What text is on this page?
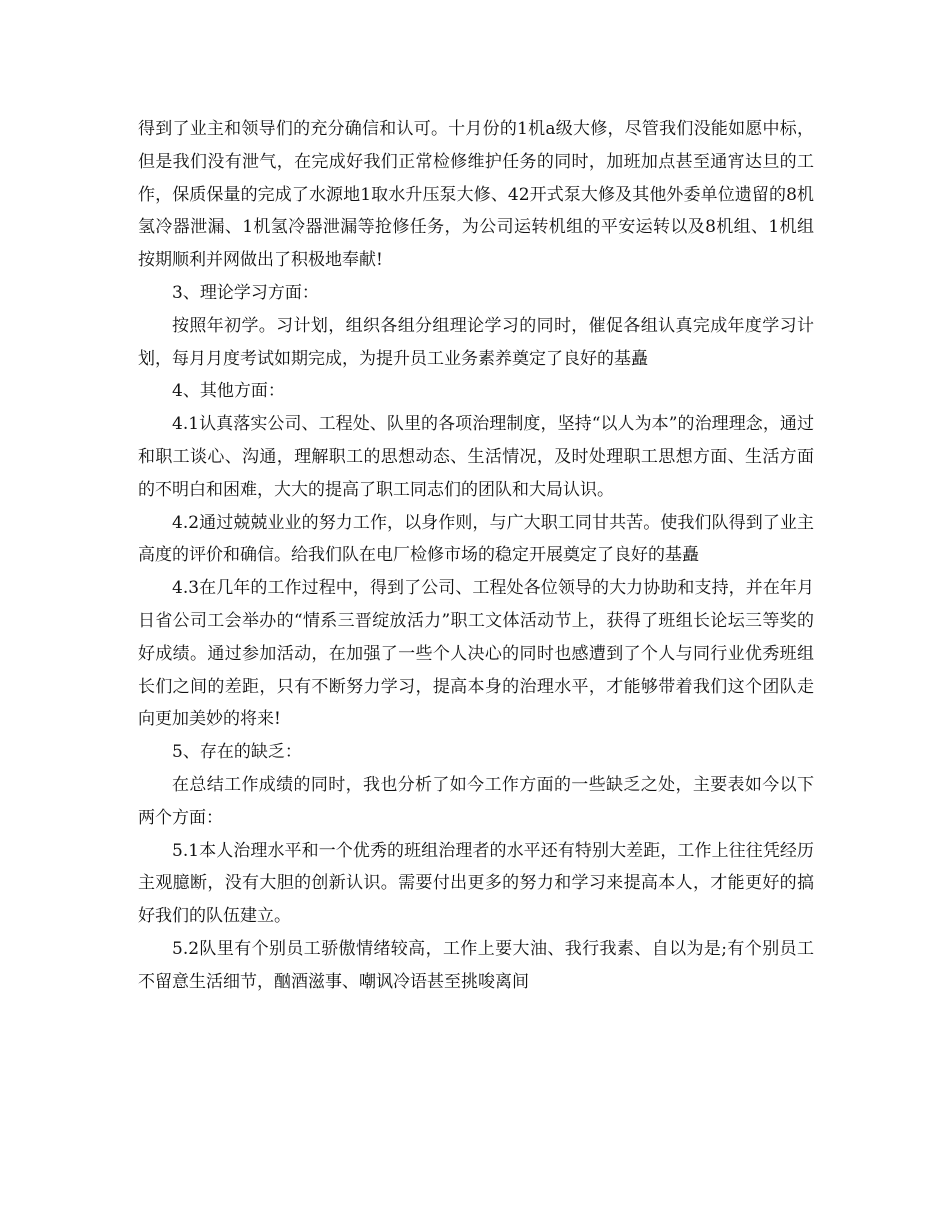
得到了业主和领导们的充分确信和认可。十月份的1机a级大修，尽管我们没能如愿中标，但是我们没有泄气，在完成好我们正常检修维护任务的同时，加班加点甚至通宵达旦的工作，保质保量的完成了水源地1取水升压泵大修、42开式泵大修及其他外委单位遗留的8机氢冷器泄漏、1机氢冷器泄漏等抢修任务，为公司运转机组的平安运转以及8机组、1机组按期顺利并网做出了积极地奉献!

3、理论学习方面：

按照年初学。习计划，组织各组分组理论学习的同时，催促各组认真完成年度学习计划，每月月度考试如期完成，为提升员工业务素养奠定了良好的基矗

4、其他方面：

4.1认真落实公司、工程处、队里的各项治理制度，坚持“以人为本”的治理理念，通过和职工谈心、沟通，理解职工的思想动态、生活情况，及时处理职工思想方面、生活方面的不明白和困难，大大的提高了职工同志们的团队和大局认识。

4.2通过兢兢业业的努力工作，以身作则，与广大职工同甘共苦。使我们队得到了业主高度的评价和确信。给我们队在电厂检修市场的稳定开展奠定了良好的基矗

4.3在几年的工作过程中，得到了公司、工程处各位领导的大力协助和支持，并在年月日省公司工会举办的“情系三晋绽放活力”职工文体活动节上，获得了班组长论坛三等奖的好成绩。通过参加活动，在加强了一些个人决心的同时也感遭到了个人与同行业优秀班组长们之间的差距，只有不断努力学习，提高本身的治理水平，才能够带着我们这个团队走向更加美妙的将来!

5、存在的缺乏：

在总结工作成绩的同时，我也分析了如今工作方面的一些缺乏之处，主要表如今以下两个方面：

5.1本人治理水平和一个优秀的班组治理者的水平还有特别大差距，工作上往往凭经历主观臆断，没有大胆的创新认识。需要付出更多的努力和学习来提高本人，才能更好的搞好我们的队伍建立。

5.2队里有个别员工骄傲情绪较高，工作上要大油、我行我素、自以为是;有个别员工不留意生活细节，酗酒滋事、嘲讽冷语甚至挑唆离间
